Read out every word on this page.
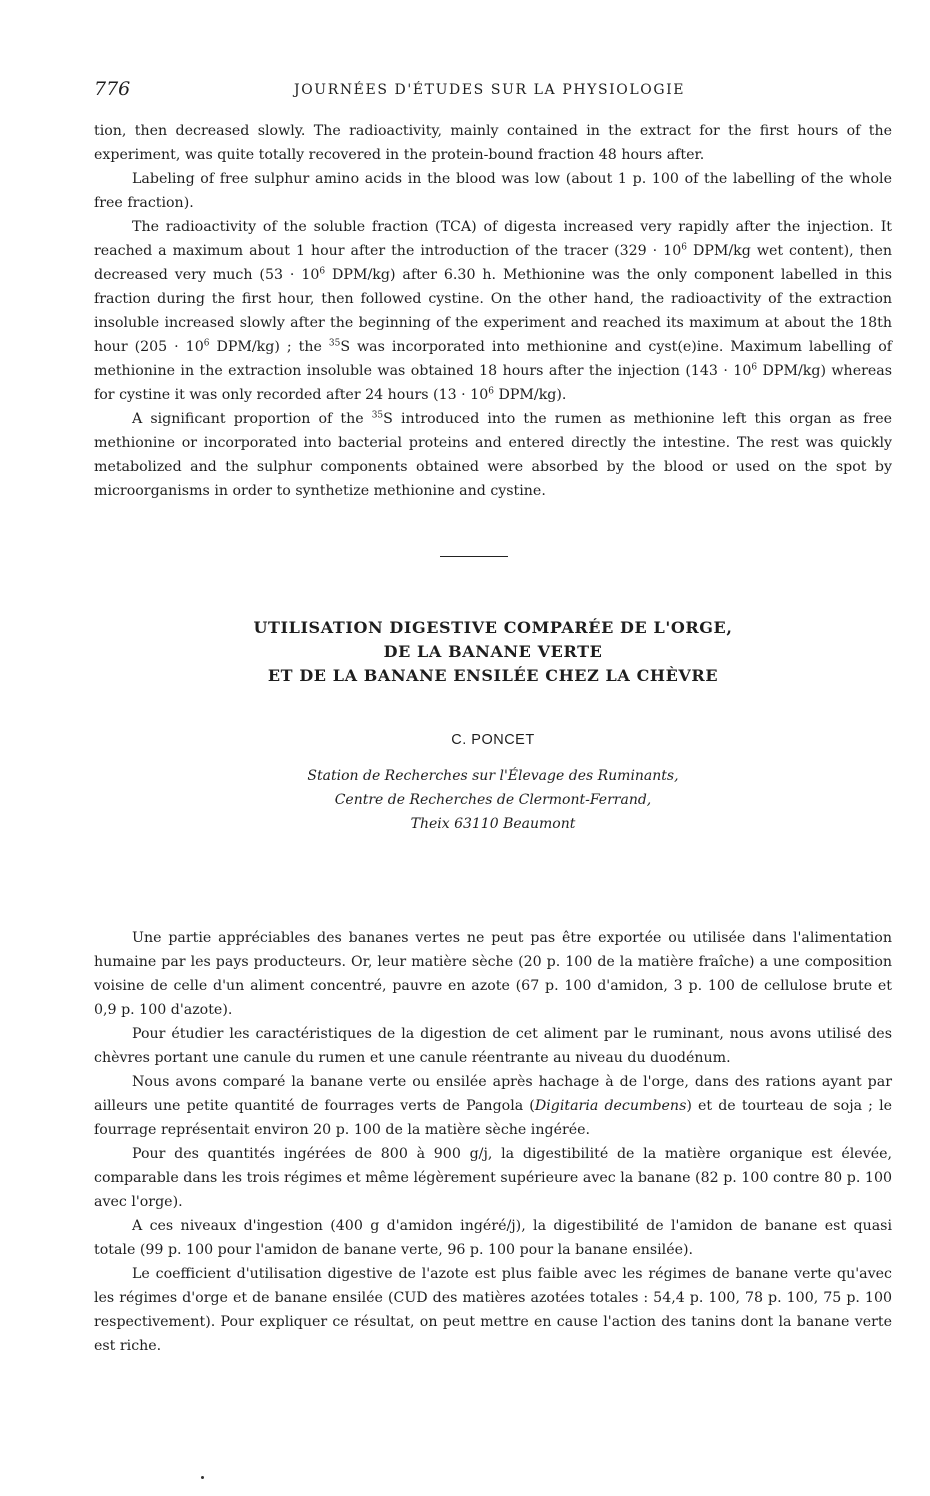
776	JOURNÉES D'ÉTUDES SUR LA PHYSIOLOGIE

tion, then decreased slowly. The radioactivity, mainly contained in the extract for the first hours of the experiment, was quite totally recovered in the protein-bound fraction 48 hours after.

Labeling of free sulphur amino acids in the blood was low (about 1 p. 100 of the labelling of the whole free fraction).

The radioactivity of the soluble fraction (TCA) of digesta increased very rapidly after the injection. It reached a maximum about 1 hour after the introduction of the tracer ($329 \cdot 10^6$ DPM/kg wet content), then decreased very much ($53 \cdot 10^6$ DPM/kg) after 6.30 h. Methionine was the only component labelled in this fraction during the first hour, then followed cystine. On the other hand, the radioactivity of the extraction insoluble increased slowly after the beginning of the experiment and reached its maximum at about the 18th hour ($205 \cdot 10^6$ DPM/kg) ; the $^{35}$S was incorporated into methionine and cyst(e)ine. Maximum labelling of methionine in the extraction insoluble was obtained 18 hours after the injection ($143 \cdot 10^6$ DPM/kg) whereas for cystine it was only recorded after 24 hours ($13 \cdot 10^6$ DPM/kg).

A significant proportion of the $^{35}$S introduced into the rumen as methionine left this organ as free methionine or incorporated into bacterial proteins and entered directly the intestine. The rest was quickly metabolized and the sulphur components obtained were absorbed by the blood or used on the spot by microorganisms in order to synthetize methionine and cystine.

UTILISATION DIGESTIVE COMPARÉE DE L'ORGE,
DE LA BANANE VERTE
ET DE LA BANANE ENSILÉE CHEZ LA CHÈVRE
C. PONCET
Station de Recherches sur l'Élevage des Ruminants,
Centre de Recherches de Clermont-Ferrand,
Theix 63110 Beaumont

Une partie appréciables des bananes vertes ne peut pas être exportée ou utilisée dans l'alimentation humaine par les pays producteurs. Or, leur matière sèche (20 p. 100 de la matière fraîche) a une composition voisine de celle d'un aliment concentré, pauvre en azote (67 p. 100 d'amidon, 3 p. 100 de cellulose brute et 0,9 p. 100 d'azote).

Pour étudier les caractéristiques de la digestion de cet aliment par le ruminant, nous avons utilisé des chèvres portant une canule du rumen et une canule réentrante au niveau du duodénum.

Nous avons comparé la banane verte ou ensilée après hachage à de l'orge, dans des rations ayant par ailleurs une petite quantité de fourrages verts de Pangola (Digitaria decumbens) et de tourteau de soja ; le fourrage représentait environ 20 p. 100 de la matière sèche ingérée.

Pour des quantités ingérées de 800 à 900 g/j, la digestibilité de la matière organique est élevée, comparable dans les trois régimes et même légèrement supérieure avec la banane (82 p. 100 contre 80 p. 100 avec l'orge).

A ces niveaux d'ingestion (400 g d'amidon ingéré/j), la digestibilité de l'amidon de banane est quasi totale (99 p. 100 pour l'amidon de banane verte, 96 p. 100 pour la banane ensilée).

Le coefficient d'utilisation digestive de l'azote est plus faible avec les régimes de banane verte qu'avec les régimes d'orge et de banane ensilée (CUD des matières azotées totales : 54,4 p. 100, 78 p. 100, 75 p. 100 respectivement). Pour expliquer ce résultat, on peut mettre en cause l'action des tanins dont la banane verte est riche.
